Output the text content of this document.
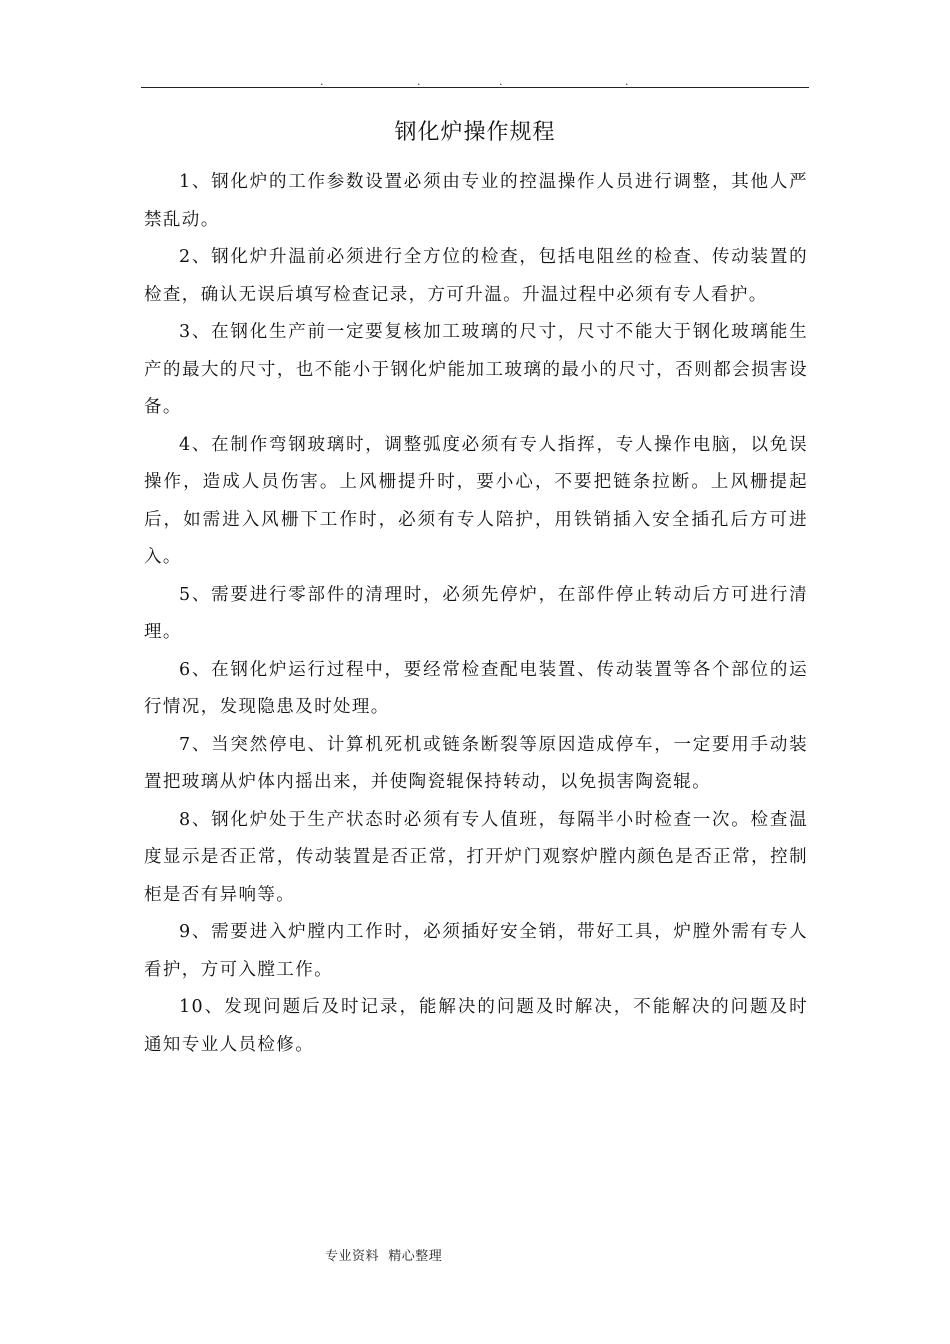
.	.	.	.
钢化炉操作规程

1、钢化炉的工作参数设置必须由专业的控温操作人员进行调整，其他人严禁乱动。

2、钢化炉升温前必须进行全方位的检查，包括电阻丝的检查、传动装置的检查，确认无误后填写检查记录，方可升温。升温过程中必须有专人看护。

3、在钢化生产前一定要复核加工玻璃的尺寸，尺寸不能大于钢化玻璃能生产的最大的尺寸，也不能小于钢化炉能加工玻璃的最小的尺寸，否则都会损害设备。

4、在制作弯钢玻璃时，调整弧度必须有专人指挥，专人操作电脑，以免误操作，造成人员伤害。上风栅提升时，要小心，不要把链条拉断。上风栅提起后，如需进入风栅下工作时，必须有专人陪护，用铁销插入安全插孔后方可进入。

5、需要进行零部件的清理时，必须先停炉，在部件停止转动后方可进行清理。

6、在钢化炉运行过程中，要经常检查配电装置、传动装置等各个部位的运行情况，发现隐患及时处理。

7、当突然停电、计算机死机或链条断裂等原因造成停车，一定要用手动装置把玻璃从炉体内摇出来，并使陶瓷辊保持转动，以免损害陶瓷辊。

8、钢化炉处于生产状态时必须有专人值班，每隔半小时检查一次。检查温度显示是否正常，传动装置是否正常，打开炉门观察炉膛内颜色是否正常，控制柜是否有异响等。

9、需要进入炉膛内工作时，必须插好安全销，带好工具，炉膛外需有专人看护，方可入膛工作。

10、发现问题后及时记录，能解决的问题及时解决，不能解决的问题及时通知专业人员检修。

专业资料  精心整理
